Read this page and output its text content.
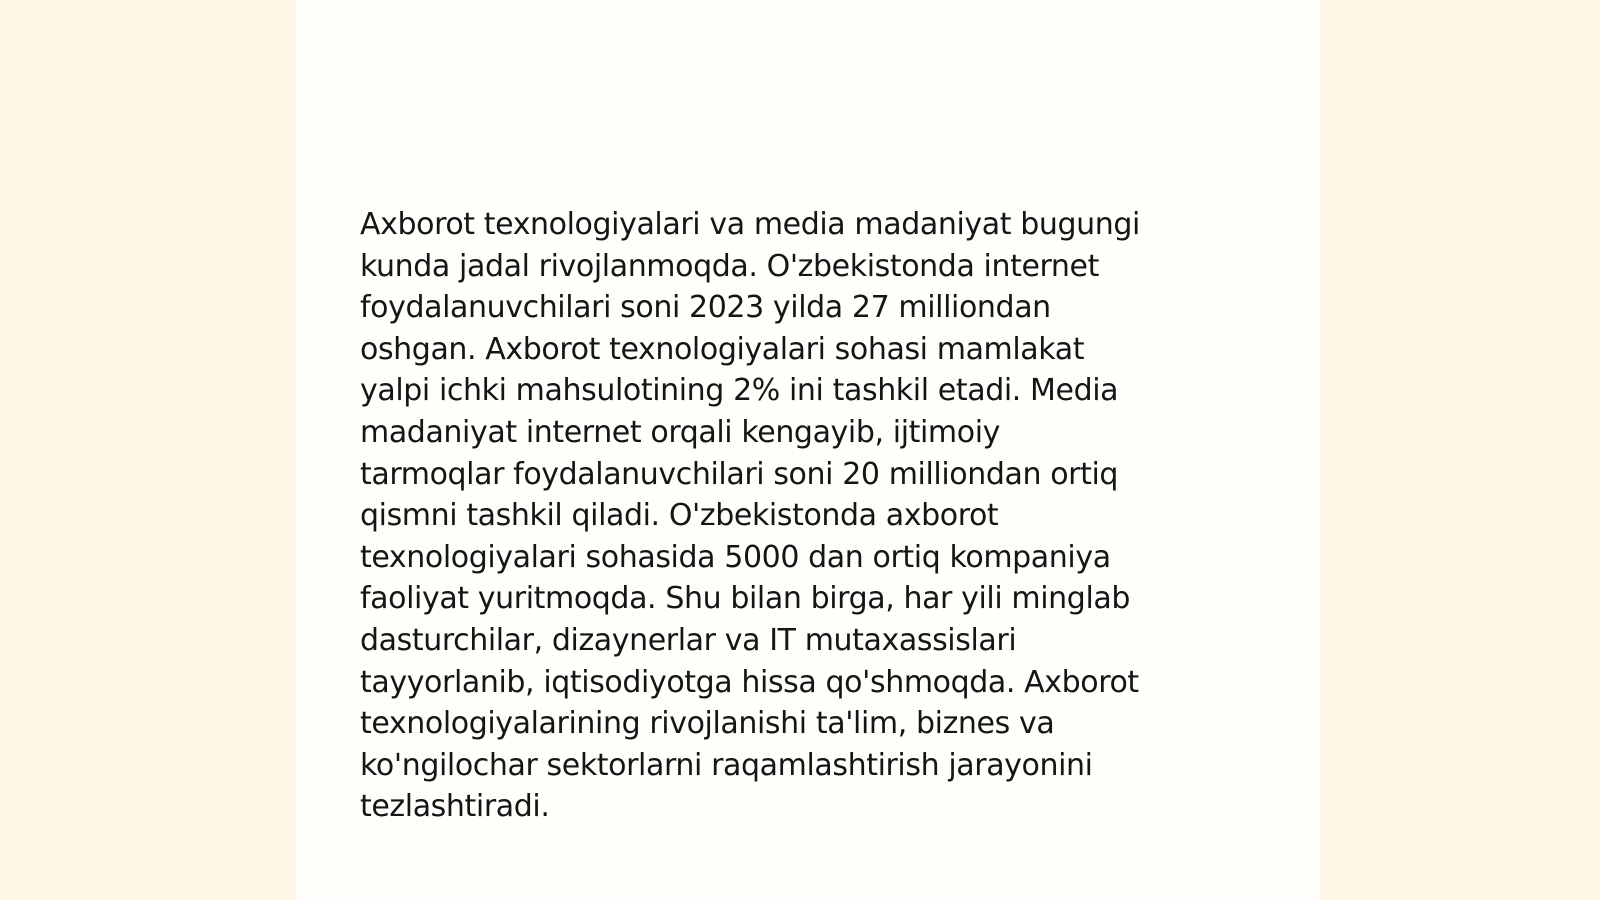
Axborot texnologiyalari va media madaniyat bugungi
kunda jadal rivojlanmoqda. O'zbekistonda internet
foydalanuvchilari soni 2023 yilda 27 milliondan
oshgan. Axborot texnologiyalari sohasi mamlakat
yalpi ichki mahsulotining 2% ini tashkil etadi. Media
madaniyat internet orqali kengayib, ijtimoiy
tarmoqlar foydalanuvchilari soni 20 milliondan ortiq
qismni tashkil qiladi. O'zbekistonda axborot
texnologiyalari sohasida 5000 dan ortiq kompaniya
faoliyat yuritmoqda. Shu bilan birga, har yili minglab
dasturchilar, dizaynerlar va IT mutaxassislari
tayyorlanib, iqtisodiyotga hissa qo'shmoqda. Axborot
texnologiyalarining rivojlanishi ta'lim, biznes va
ko'ngilochar sektorlarni raqamlashtirish jarayonini
tezlashtiradi.
